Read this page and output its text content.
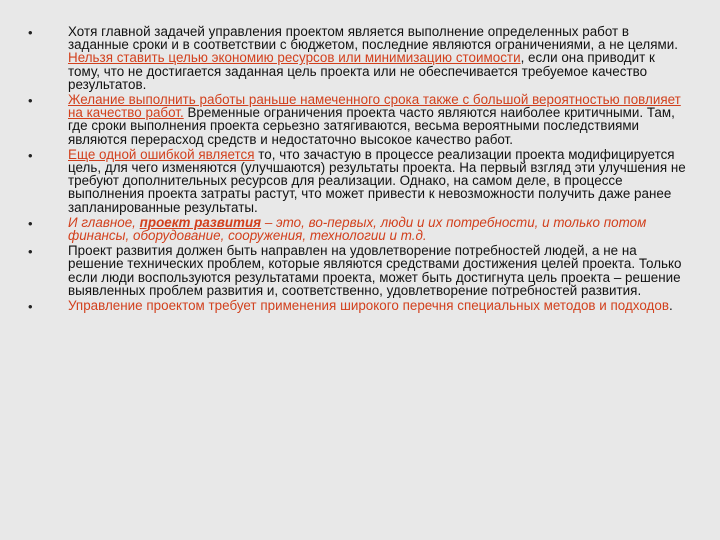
•	Хотя главной задачей управления проектом является выполнение определенных работ в заданные сроки и в соответствии с бюджетом, последние являются ограничениями, а не целями. Нельзя ставить целью экономию ресурсов или минимизацию стоимости, если она приводит к тому, что не достигается заданная цель проекта или не обеспечивается требуемое качество результатов.
•	Желание выполнить работы раньше намеченного срока также с большой вероятностью повлияет на качество работ. Временные ограничения проекта часто являются наиболее критичными. Там, где сроки выполнения проекта серьезно затягиваются, весьма вероятными последствиями являются перерасход средств и недостаточно высокое качество работ.
•	Еще одной ошибкой является то, что зачастую в процессе реализации проекта модифицируется цель, для чего изменяются (улучшаются) результаты проекта. На первый взгляд эти улучшения не требуют дополнительных ресурсов для реализации. Однако, на самом деле, в процессе выполнения проекта затраты растут, что может привести к невозможности получить даже ранее запланированные результаты.
•	И главное, проект развития – это, во-первых, люди и их потребности, и только потом финансы, оборудование, сооружения, технологии и т.д.
•	Проект развития должен быть направлен на удовлетворение потребностей людей, а не на решение технических проблем, которые являются средствами достижения целей проекта. Только если люди воспользуются результатами проекта, может быть достигнута цель проекта – решение выявленных проблем развития и, соответственно, удовлетворение потребностей развития.
•	Управление проектом требует применения широкого перечня специальных методов и подходов.
